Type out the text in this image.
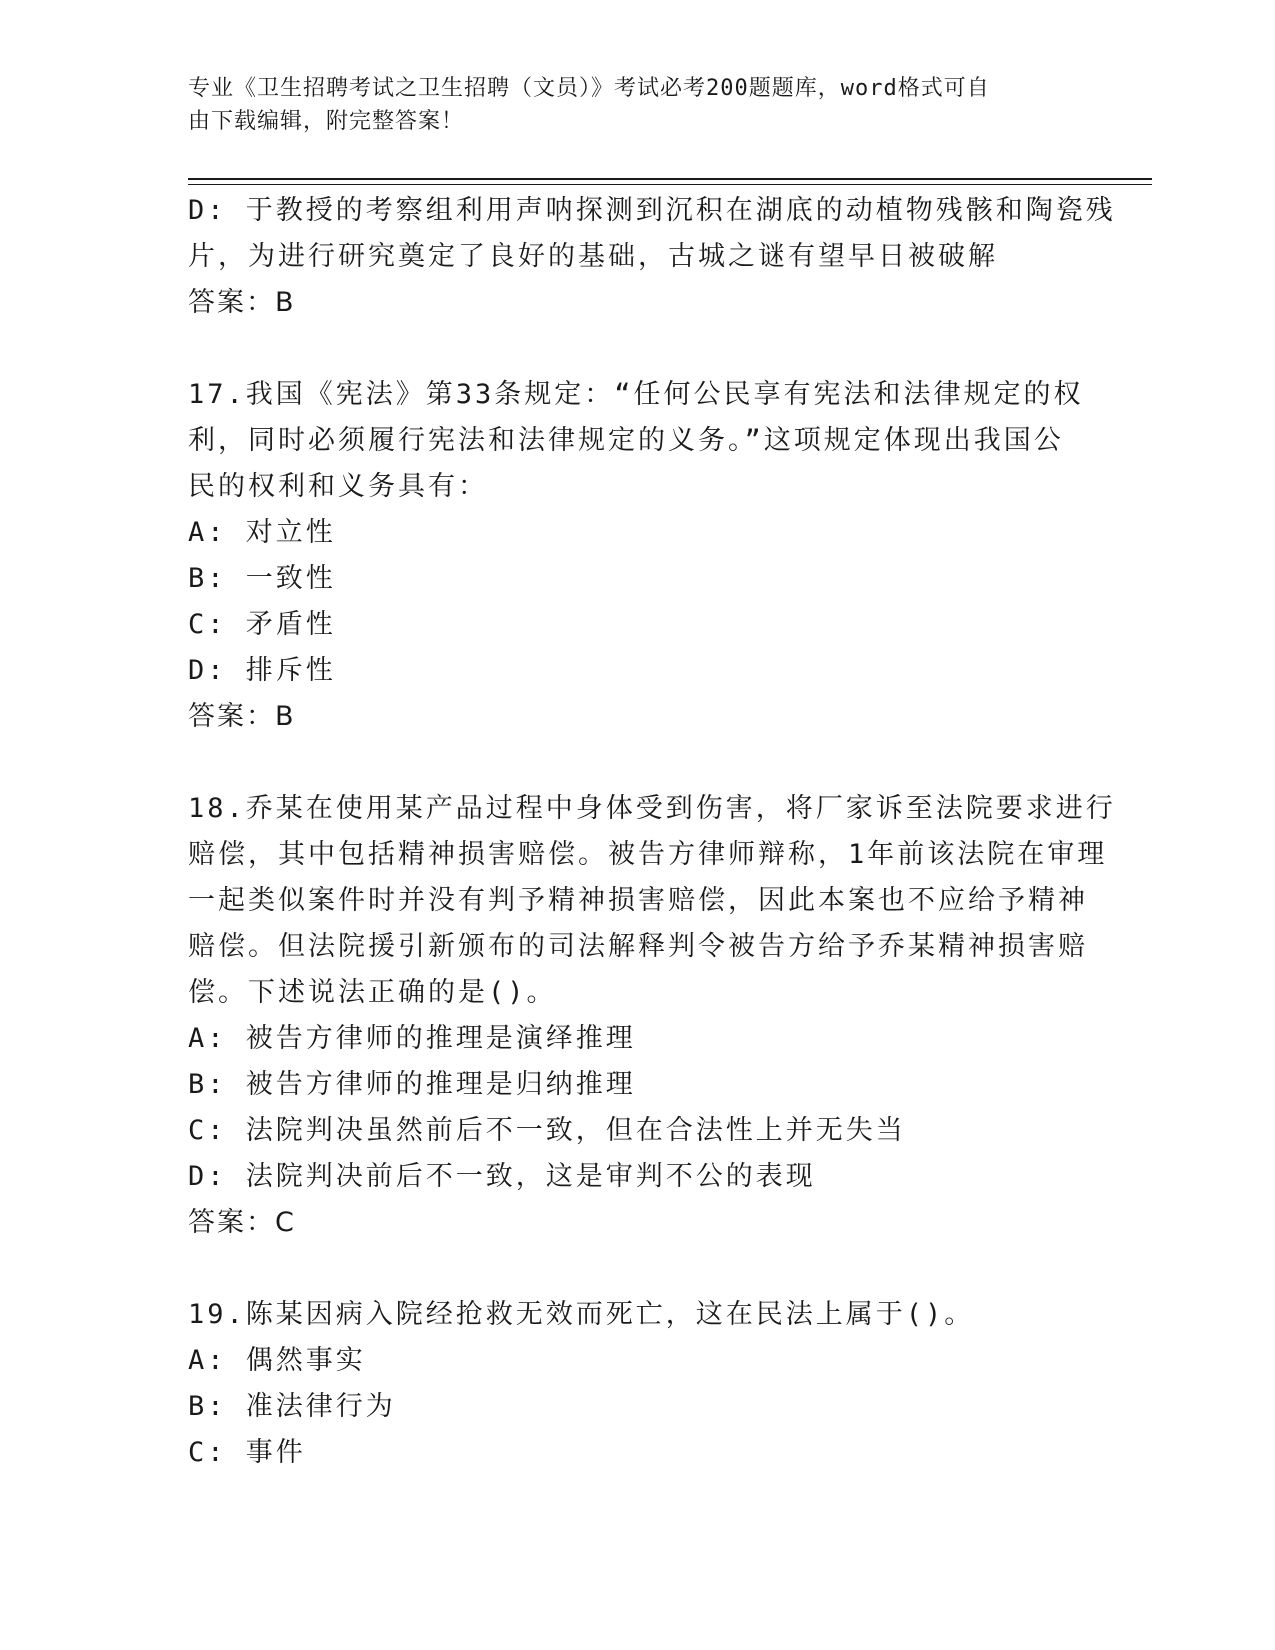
专业《卫生招聘考试之卫生招聘（文员）》考试必考200题题库，word格式可自
由下载编辑，附完整答案！
D: 于教授的考察组利用声呐探测到沉积在湖底的动植物残骸和陶瓷残
片，为进行研究奠定了良好的基础，古城之谜有望早日被破解
答案：B
17.我国《宪法》第33条规定：“任何公民享有宪法和法律规定的权
利，同时必须履行宪法和法律规定的义务。”这项规定体现出我国公
民的权利和义务具有：
A: 对立性
B: 一致性
C: 矛盾性
D: 排斥性
答案：B
18.乔某在使用某产品过程中身体受到伤害，将厂家诉至法院要求进行
赔偿，其中包括精神损害赔偿。被告方律师辩称，1年前该法院在审理
一起类似案件时并没有判予精神损害赔偿，因此本案也不应给予精神
赔偿。但法院援引新颁布的司法解释判令被告方给予乔某精神损害赔
偿。下述说法正确的是()。
A: 被告方律师的推理是演绎推理
B: 被告方律师的推理是归纳推理
C: 法院判决虽然前后不一致，但在合法性上并无失当
D: 法院判决前后不一致，这是审判不公的表现
答案：C
19.陈某因病入院经抢救无效而死亡，这在民法上属于()。
A: 偶然事实
B: 准法律行为
C: 事件
